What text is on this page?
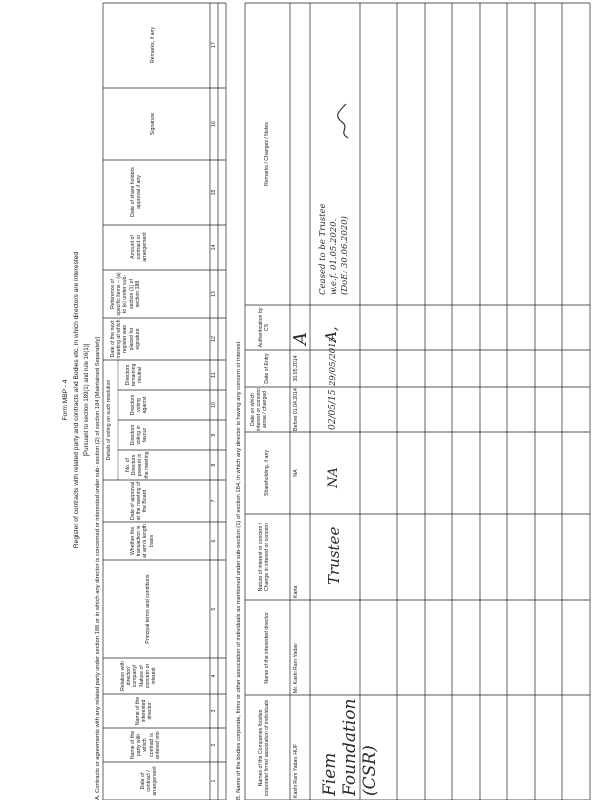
Form MBP - 4 Register of contracts with related party and contracts and Bodies etc. in which directors are interested [Pursuant to section 189(1) and rule 16(1)] A. Contracts or agreements with any related party under section 188 or in which any director is concerned or interested under sub- section (2) of section 184 [Maintained Separately]	Date of contract / arrangement
Name of the party with which contract is entered into
Name of the interested director
Relation with director/ company/ Nature of concern or interest
Principal terms and conditions
Whether the transaction is at arm's length basis
Date of approval at the meeting of the Board
Details of voting on such resolution
No. of Directors present in the meeting
Directors voting in favour
Directors voting against
Directors remaining neutral
Date of the next meeting at which register was placed for signature
Reference of specific items – (a) to (e) under sub-section (1) of section 188
Amount of contract or arrangement
Date of share holders approval if any
Signature
Remarks, if any
1
2
3
4
5
6
7
8
9
10
11
12
13
14
15
16
17
B. Name of the bodies corporate, firms or other association of individuals as mentioned under sub-section (1) of section 184, in which any director is having any concern or interest	Names of the Companies /bodies corporate/ firms/ association of individuals
Name of the interested director
Nature of interest or concern / Change in interest or concern
Shareholding, if any
Date on which interest or concern arose / changed
Date of Entry
Authentication by CS
Remarks / Changes / Notes
Kashi Ram Yadav, HUF
Mr. Kashi Ram Yadav
Karta
NA
Before 01.04.2014
30.05.2014
A
Fiem Foundation (CSR)
Trustee
NA
02/05/15
29/05/2015
A,
Ceased to be Trustee w.e.f. 01.05.2020. (DoE: 30.06.2020)
